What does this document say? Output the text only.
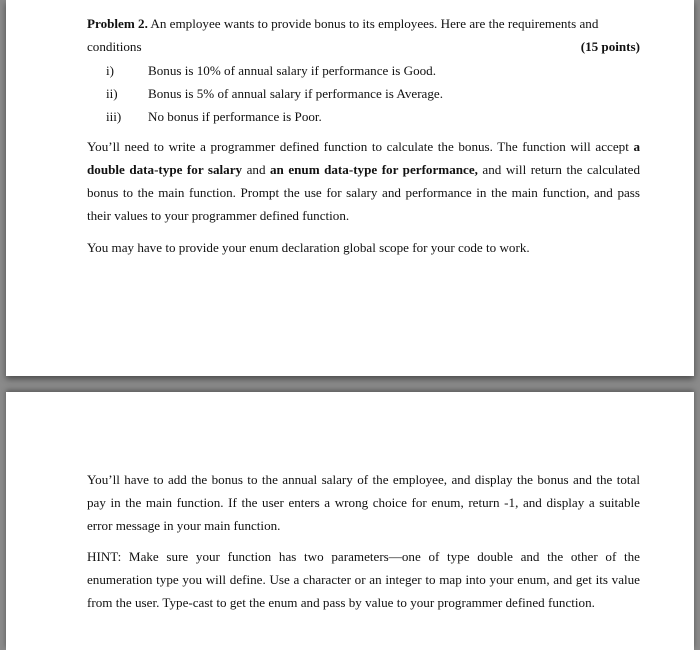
Problem 2. An employee wants to provide bonus to its employees. Here are the requirements and

conditions	(15 points)
i)	Bonus is 10% of annual salary if performance is Good.
ii) Bonus is 5% of annual salary if performance is Average.
iii) No bonus if performance is Poor.

You’ll need to write a programmer defined function to calculate the bonus. The function will accept a double data-type for salary and an enum data-type for performance, and will return the calculated bonus to the main function. Prompt the use for salary and performance in the main function, and pass their values to your programmer defined function.

You may have to provide your enum declaration global scope for your code to work.

You’ll have to add the bonus to the annual salary of the employee, and display the bonus and the total pay in the main function. If the user enters a wrong choice for enum, return -1, and display a suitable error message in your main function.

HINT: Make sure your function has two parameters—one of type double and the other of the enumeration type you will define. Use a character or an integer to map into your enum, and get its value from the user. Type-cast to get the enum and pass by value to your programmer defined function.
